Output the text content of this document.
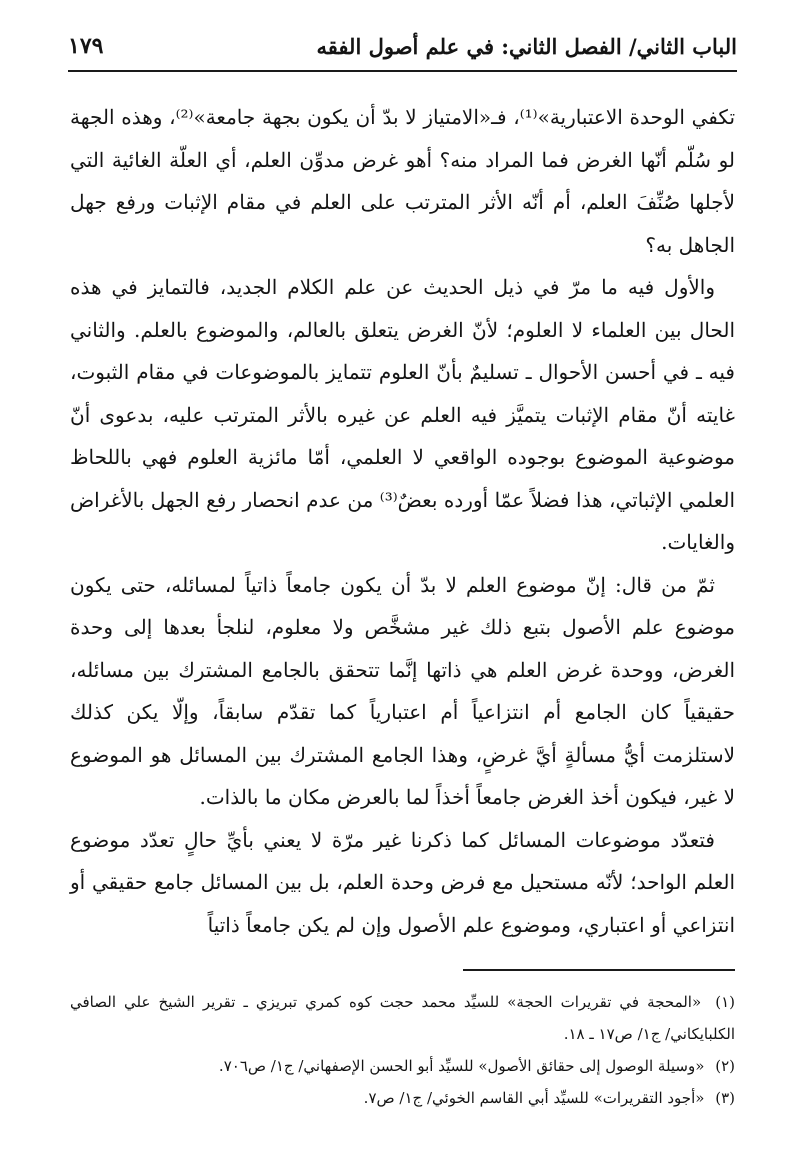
الباب الثاني/ الفصل الثاني: في علم أصول الفقه
١٧٩

تكفي الوحدة الاعتبارية»⁽¹⁾، فـ«الامتياز لا بدّ أن يكون بجهة جامعة»⁽²⁾، وهذه الجهة لو سُلّم أنّها الغرض فما المراد منه؟ أهو غرض مدوِّن العلم، أي العلّة الغائية التي لأجلها صُنِّفَ العلم، أم أنّه الأثر المترتب على العلم في مقام الإثبات ورفع جهل الجاهل به؟

والأول فيه ما مرّ في ذيل الحديث عن علم الكلام الجديد، فالتمايز في هذه الحال بين العلماء لا العلوم؛ لأنّ الغرض يتعلق بالعالم، والموضوع بالعلم. والثاني فيه ـ في أحسن الأحوال ـ تسليمٌ بأنّ العلوم تتمايز بالموضوعات في مقام الثبوت، غايته أنّ مقام الإثبات يتميَّز فيه العلم عن غيره بالأثر المترتب عليه، بدعوى أنّ موضوعية الموضوع بوجوده الواقعي لا العلمي، أمّا مائزية العلوم فهي باللحاظ العلمي الإثباتي، هذا فضلاً عمّا أورده بعضٌ⁽³⁾ من عدم انحصار رفع الجهل بالأغراض والغايات.

ثمّ من قال: إنّ موضوع العلم لا بدّ أن يكون جامعاً ذاتياً لمسائله، حتى يكون موضوع علم الأصول بتبع ذلك غير مشخَّص ولا معلوم، لنلجأ بعدها إلى وحدة الغرض، ووحدة غرض العلم هي ذاتها إنَّما تتحقق بالجامع المشترك بين مسائله، حقيقياً كان الجامع أم انتزاعياً أم اعتبارياً كما تقدّم سابقاً، وإلّا يكن كذلك لاستلزمت أيُّ مسألةٍ أيَّ غرضٍ، وهذا الجامع المشترك بين المسائل هو الموضوع لا غير، فيكون أخذ الغرض جامعاً أخذاً لما بالعرض مكان ما بالذات.

فتعدّد موضوعات المسائل كما ذكرنا غير مرّة لا يعني بأيِّ حالٍ تعدّد موضوع العلم الواحد؛ لأنّه مستحيل مع فرض وحدة العلم، بل بين المسائل جامع حقيقي أو انتزاعي أو اعتباري، وموضوع علم الأصول وإن لم يكن جامعاً ذاتياً

(١) «المحجة في تقريرات الحجة» للسيِّد محمد حجت كوه كمري تبريزي ـ تقرير الشيخ علي الصافي الكلبايكاني/ ج١/ ص١٧ ـ ١٨.

(٢) «وسيلة الوصول إلى حقائق الأصول» للسيِّد أبو الحسن الإصفهاني/ ج١/ ص٧٠٦.

(٣) «أجود التقريرات» للسيِّد أبي القاسم الخوئي/ ج١/ ص٧.
